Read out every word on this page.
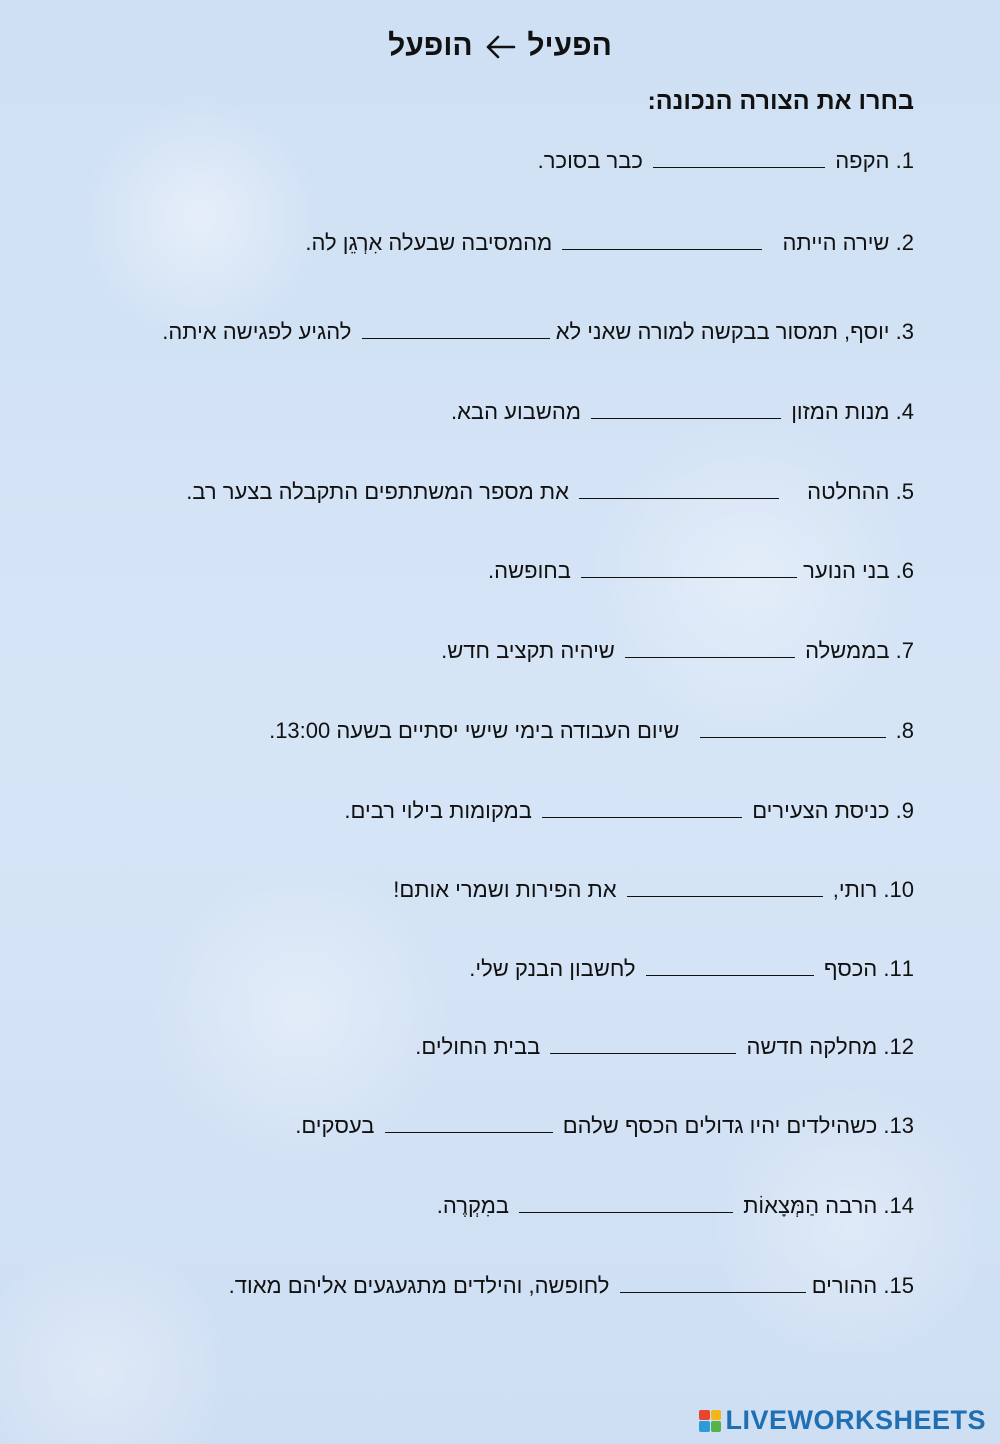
הפעיל  הופעל
בחרו את הצורה הנכונה:
1. הקפה  כבר בסוכר.
2. שירה הייתה  מהמסיבה שבעלה אִרְגֵן לה.
3. יוסף, תמסור בבקשה למורה שאני לא  להגיע לפגישה איתה.
4. מנות המזון  מהשבוע הבא.
5. ההחלטה  את מספר המשתתפים התקבלה בצער רב.
6. בני הנוער  בחופשה.
7. בממשלה  שיהיה תקציב חדש.
8.  שיום העבודה בימי שישי יסתיים בשעה 13:00.
9. כניסת הצעירים  במקומות בילוי רבים.
10. רותי,  את הפירות ושמרי אותם!
11. הכסף  לחשבון הבנק שלי.
12. מחלקה חדשה  בבית החולים.
13. כשהילדים יהיו גדולים הכסף שלהם  בעסקים.
14. הרבה הַמְּצָאוֹת  במִקְרֶה.
15. ההורים  לחופשה, והילדים מתגעגעים אליהם מאוד.
LIVEWORKSHEETS
